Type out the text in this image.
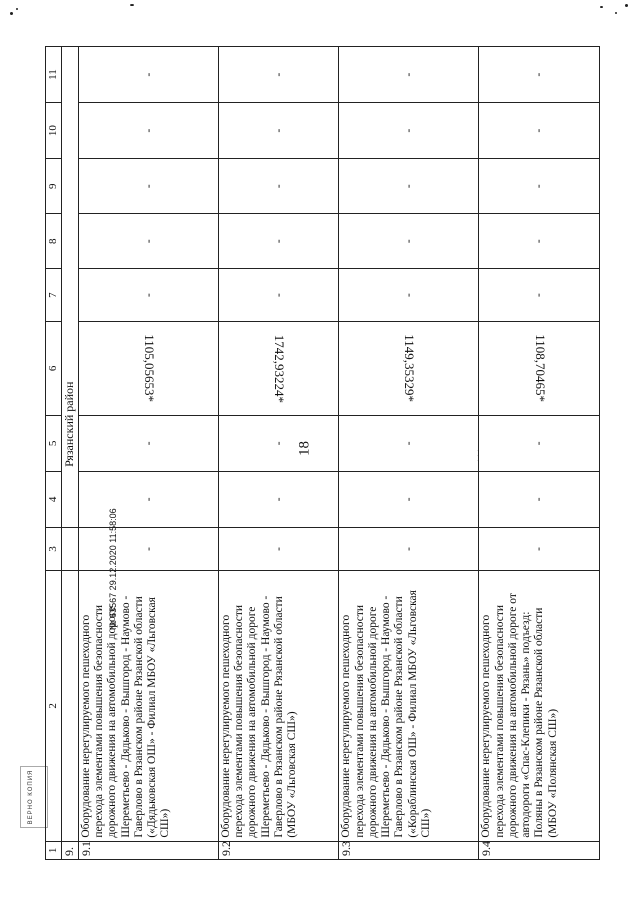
18	. . .
ВЕРНО КОПИЯ
№ 63567 29.12.2020 11:58:06
1	2	3	4	5	6	7	8	9	10	11
9.			Рязанский район							
9.1	Оборудование нерегулируемого пешеходного перехода элементами повышения безопасности дорожного движения на автомобильной дороге Шереметьево - Дядьково - Вышгород - Наумово - Гаверлово в Рязанском районе Рязанской области («Дядьковская ОШ» - Филиал МБОУ «Льговская СШ»)	-	-	-	1105,05653*	-	-	-	-	-
9.2	Оборудование нерегулируемого пешеходного перехода элементами повышения безопасности дорожного движения на автомобильной дороге Шереметьево - Дядьково - Вышгород - Наумово - Гаверлово в Рязанском районе Рязанской области (МБОУ «Льговская СШ»)	-	-	-	1742,93224*	-	-	-	-	-
9.3	Оборудование нерегулируемого пешеходного перехода элементами повышения безопасности дорожного движения на автомобильной дороге Шереметьево - Дядьково - Вышгород - Наумово - Гаверлово в Рязанском районе Рязанской области («Кораблинская ОШ» - Филиал МБОУ «Льговская СШ»)	-	-	-	1149,35329*	-	-	-	-	-
9.4	Оборудование нерегулируемого пешеходного перехода элементами повышения безопасности дорожного движения на автомобильной дороге от автодороги «Спас-Клепики - Рязань» подъезд: Поляны в Рязанском районе Рязанской области (МБОУ «Полянская СШ»)	-	-	-	1108,70465*	-	-	-	-	-
